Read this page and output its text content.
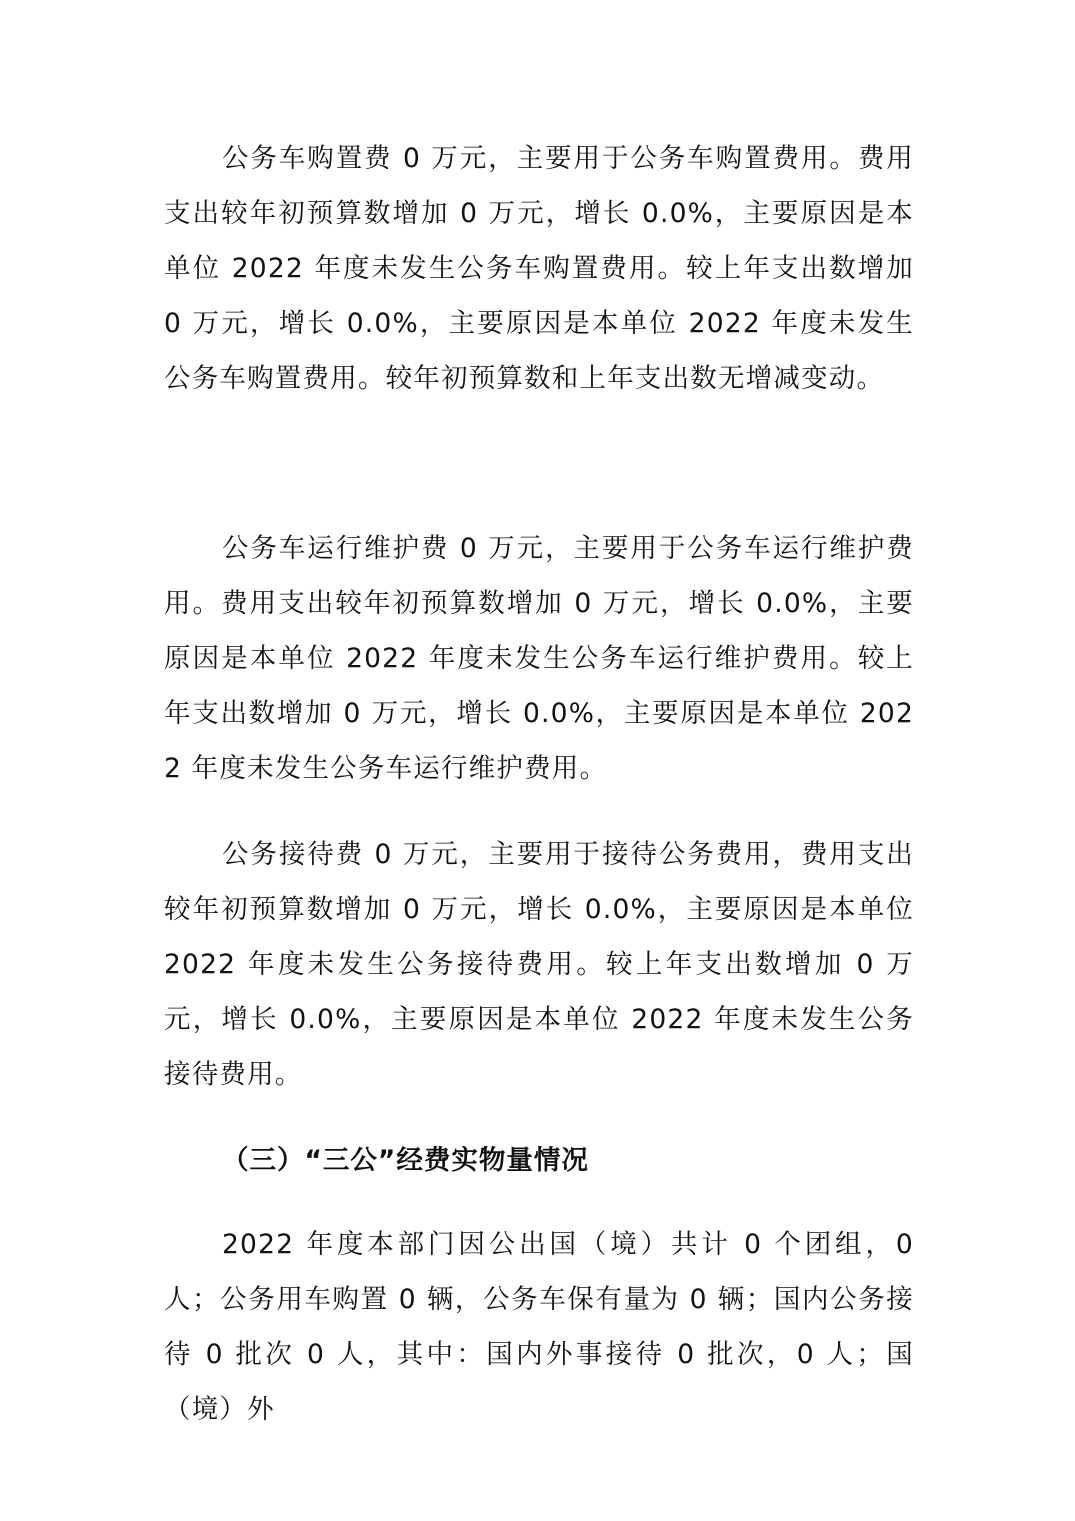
公务车购置费 0 万元，主要用于公务车购置费用。费用支出较年初预算数增加 0 万元，增长 0.0%，主要原因是本单位 2022 年度未发生公务车购置费用。较上年支出数增加 0 万元，增长 0.0%，主要原因是本单位 2022 年度未发生公务车购置费用。较年初预算数和上年支出数无增减变动。

公务车运行维护费 0 万元，主要用于公务车运行维护费用。费用支出较年初预算数增加 0 万元，增长 0.0%，主要原因是本单位 2022 年度未发生公务车运行维护费用。较上年支出数增加 0 万元，增长 0.0%，主要原因是本单位 2022 年度未发生公务车运行维护费用。

公务接待费 0 万元，主要用于接待公务费用，费用支出较年初预算数增加 0 万元，增长 0.0%，主要原因是本单位 2022 年度未发生公务接待费用。较上年支出数增加 0 万元，增长 0.0%，主要原因是本单位 2022 年度未发生公务接待费用。

（三）“三公”经费实物量情况

2022 年度本部门因公出国（境）共计 0 个团组，0 人；公务用车购置 0 辆，公务车保有量为 0 辆；国内公务接待 0 批次 0 人，其中：国内外事接待 0 批次，0 人；国（境）外
